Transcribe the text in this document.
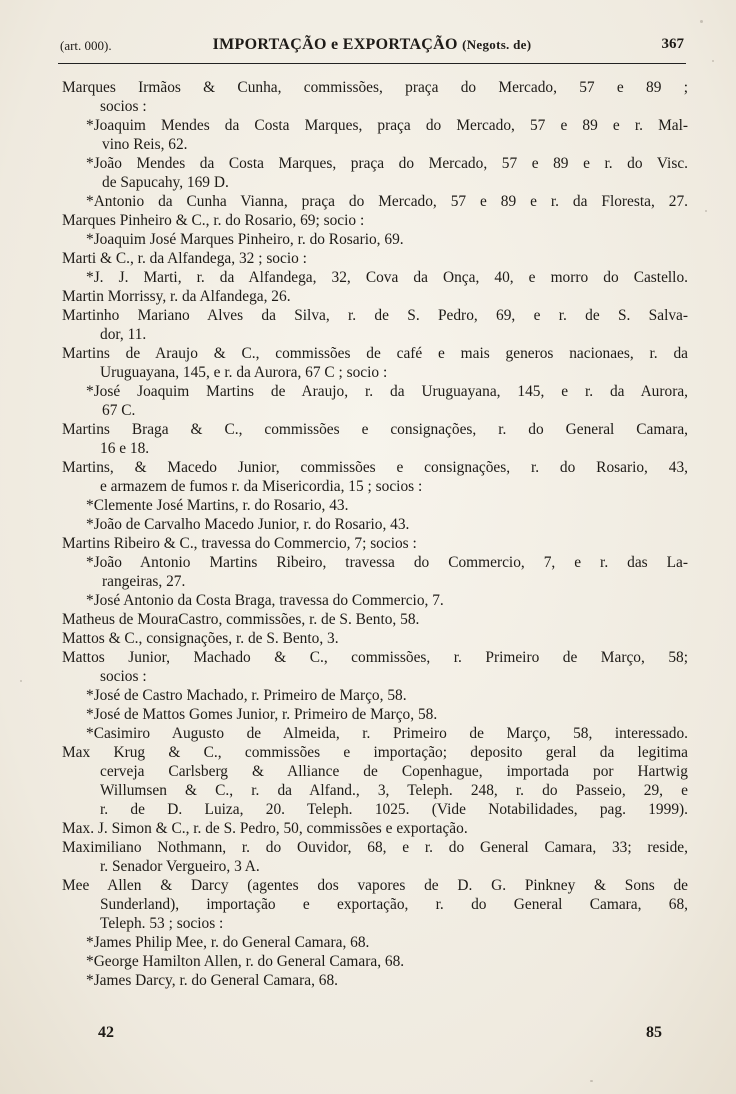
(art. 000).	IMPORTAÇÃO e EXPORTAÇÃO (Negots. de)	367
Marques Irmãos & Cunha, commissões, praça do Mercado, 57 e 89 ;
socios :
*Joaquim Mendes da Costa Marques, praça do Mercado, 57 e 89 e r. Mal-
vino Reis, 62.
*João Mendes da Costa Marques, praça do Mercado, 57 e 89 e r. do Visc.
de Sapucahy, 169 D.
*Antonio da Cunha Vianna, praça do Mercado, 57 e 89 e r. da Floresta, 27.
Marques Pinheiro & C., r. do Rosario, 69; socio :
*Joaquim José Marques Pinheiro, r. do Rosario, 69.
Marti & C., r. da Alfandega, 32 ; socio :
*J. J. Marti, r. da Alfandega, 32, Cova da Onça, 40, e morro do Castello.
Martin Morrissy, r. da Alfandega, 26.
Martinho Mariano Alves da Silva, r. de S. Pedro, 69, e r. de S. Salva-
dor, 11.
Martins de Araujo & C., commissões de café e mais generos nacionaes, r. da
Uruguayana, 145, e r. da Aurora, 67 C ; socio :
*José Joaquim Martins de Araujo, r. da Uruguayana, 145, e r. da Aurora,
67 C.
Martins Braga & C., commissões e consignações, r. do General Camara,
16 e 18.
Martins, & Macedo Junior, commissões e consignações, r. do Rosario, 43,
e armazem de fumos r. da Misericordia, 15 ; socios :
*Clemente José Martins, r. do Rosario, 43.
*João de Carvalho Macedo Junior, r. do Rosario, 43.
Martins Ribeiro & C., travessa do Commercio, 7; socios :
*João Antonio Martins Ribeiro, travessa do Commercio, 7, e r. das La-
rangeiras, 27.
*José Antonio da Costa Braga, travessa do Commercio, 7.
Matheus de MouraCastro, commissões, r. de S. Bento, 58.
Mattos & C., consignações, r. de S. Bento, 3.
Mattos Junior, Machado & C., commissões, r. Primeiro de Março, 58;
socios :
*José de Castro Machado, r. Primeiro de Março, 58.
*José de Mattos Gomes Junior, r. Primeiro de Março, 58.
*Casimiro Augusto de Almeida, r. Primeiro de Março, 58, interessado.
Max Krug & C., commissões e importação; deposito geral da legitima
cerveja Carlsberg & Alliance de Copenhague, importada por Hartwig
Willumsen & C., r. da Alfand., 3, Teleph. 248, r. do Passeio, 29, e
r. de D. Luiza, 20. Teleph. 1025. (Vide Notabilidades, pag. 1999).
Max. J. Simon & C., r. de S. Pedro, 50, commissões e exportação.
Maximiliano Nothmann, r. do Ouvidor, 68, e r. do General Camara, 33; reside,
r. Senador Vergueiro, 3 A.
Mee Allen & Darcy (agentes dos vapores de D. G. Pinkney & Sons de
Sunderland), importação e exportação, r. do General Camara, 68,
Teleph. 53 ; socios :
*James Philip Mee, r. do General Camara, 68.
*George Hamilton Allen, r. do General Camara, 68.
*James Darcy, r. do General Camara, 68.
42	85
